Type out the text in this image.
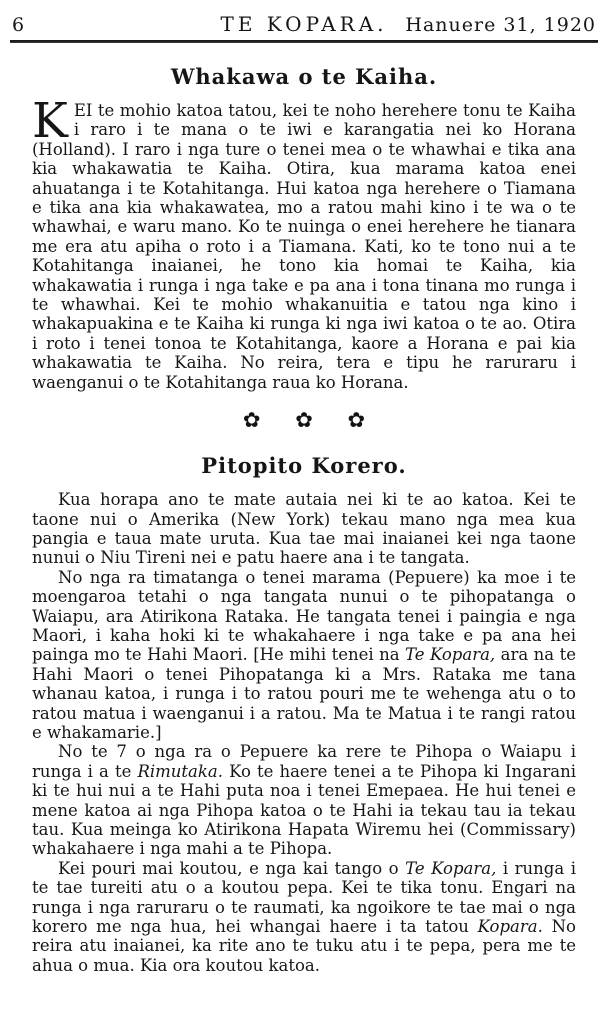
6	TE KOPARA. Hanuere 31, 1920
Whakawa o te Kaiha.

KEI te mohio katoa tatou, kei te noho herehere tonu te Kaiha i raro i te mana o te iwi e karangatia nei ko Horana (Holland). I raro i nga ture o tenei mea o te whawhai e tika ana kia whakawatia te Kaiha. Otira, kua marama katoa enei ahuatanga i te Kotahitanga. Hui katoa nga herehere o Tiamana e tika ana kia whakawatea, mo a ratou mahi kino i te wa o te whawhai, e waru mano. Ko te nuinga o enei herehere he tianara me era atu apiha o roto i a Tiamana. Kati, ko te tono nui a te Kotahitanga inaianei, he tono kia homai te Kaiha, kia whakawatia i runga i nga take e pa ana i tona tinana mo runga i te whawhai. Kei te mohio whakanuitia e tatou nga kino i whakapuakina e te Kaiha ki runga ki nga iwi katoa o te ao. Otira i roto i tenei tonoa te Kotahitanga, kaore a Horana e pai kia whakawatia te Kaiha. No reira, tera e tipu he raruraru i waenganui o te Kotahitanga raua ko Horana.

✿ ✿ ✿
Pitopito Korero.

Kua horapa ano te mate autaia nei ki te ao katoa. Kei te taone nui o Amerika (New York) tekau mano nga mea kua pangia e taua mate uruta. Kua tae mai inaianei kei nga taone nunui o Niu Tireni nei e patu haere ana i te tangata.

No nga ra timatanga o tenei marama (Pepuere) ka moe i te moengaroa tetahi o nga tangata nunui o te pihopatanga o Waiapu, ara Atirikona Rataka. He tangata tenei i paingia e nga Maori, i kaha hoki ki te whakahaere i nga take e pa ana hei painga mo te Hahi Maori. [He mihi tenei na Te Kopara, ara na te Hahi Maori o tenei Pihopatanga ki a Mrs. Rataka me tana whanau katoa, i runga i to ratou pouri me te wehenga atu o to ratou matua i waenganui i a ratou. Ma te Matua i te rangi ratou e whakamarie.]

No te 7 o nga ra o Pepuere ka rere te Pihopa o Waiapu i runga i a te Rimutaka. Ko te haere tenei a te Pihopa ki Ingarani ki te hui nui a te Hahi puta noa i tenei Emepaea. He hui tenei e mene katoa ai nga Pihopa katoa o te Hahi ia tekau tau ia tekau tau. Kua meinga ko Atirikona Hapata Wiremu hei (Commissary) whakahaere i nga mahi a te Pihopa.

Kei pouri mai koutou, e nga kai tango o Te Kopara, i runga i te tae tureiti atu o a koutou pepa. Kei te tika tonu. Engari na runga i nga raruraru o te raumati, ka ngoikore te tae mai o nga korero me nga hua, hei whangai haere i ta tatou Kopara. No reira atu inaianei, ka rite ano te tuku atu i te pepa, pera me te ahua o mua. Kia ora koutou katoa.
